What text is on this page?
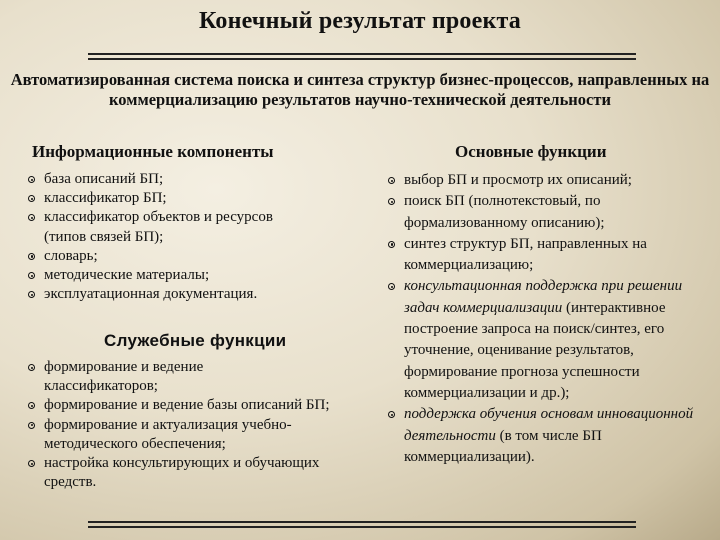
Конечный результат проекта
Автоматизированная система поиска и синтеза структур бизнес-процессов, направленных на коммерциализацию результатов научно-технической деятельности
Информационные компоненты	Основные функции
база описаний БП;
классификатор БП;
классификатор объектов и ресурсов (типов связей БП);
словарь;
методические материалы;
эксплуатационная документация.
Служебные функции
формирование и ведение классификаторов;
формирование и ведение базы описаний БП;
формирование и актуализация учебно-методического обеспечения;
настройка консультирующих и обучающих средств.
выбор БП и просмотр их описаний;
поиск БП (полнотекстовый, по формализованному описанию);
синтез структур БП, направленных на коммерциализацию;
консультационная поддержка при решении задач коммерциализации (интерактивное построение запроса на поиск/синтез, его уточнение, оценивание результатов, формирование прогноза успешности коммерциализации и др.);
поддержка обучения основам инновационной деятельности (в том числе БП коммерциализации).
